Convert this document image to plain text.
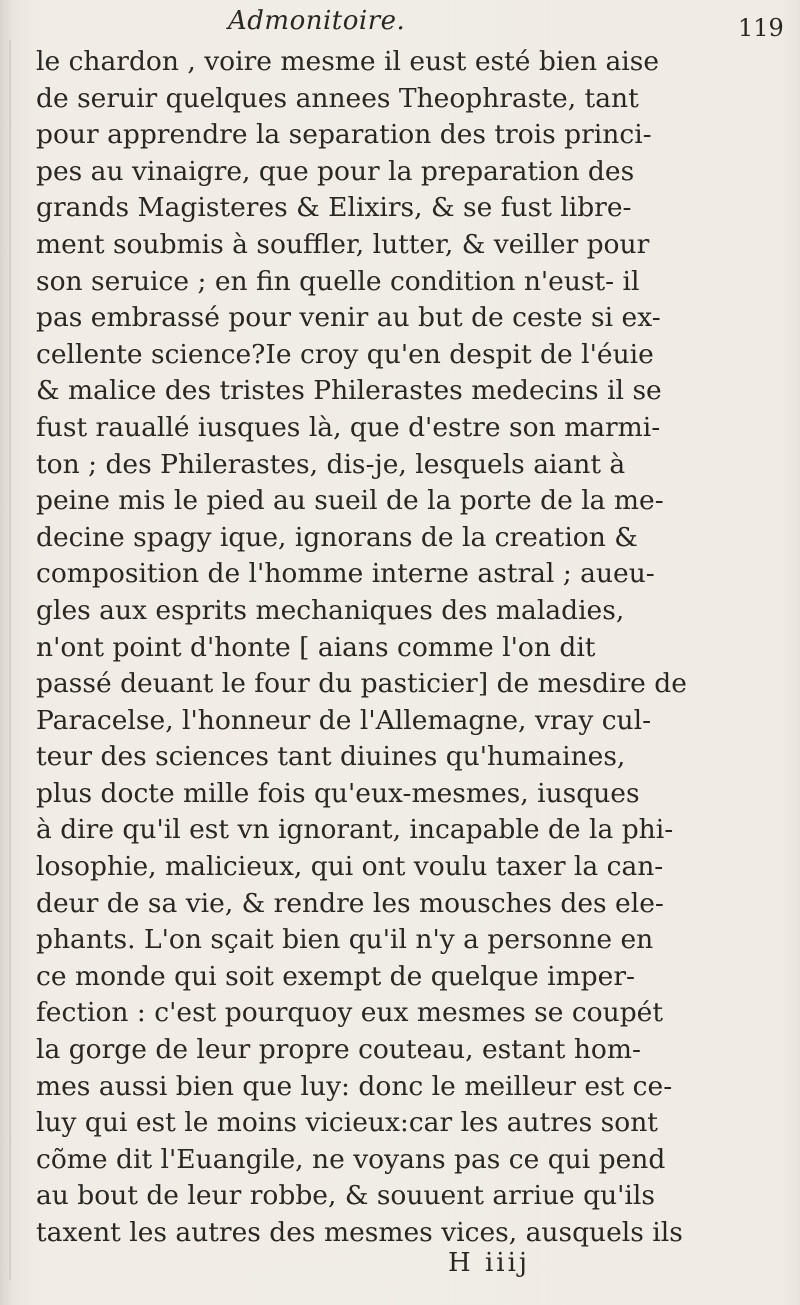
Admonitoire.	119
le chardon , voire mesme il eust esté bien aise
de seruir quelques annees Theophraste, tant
pour apprendre la separation des trois princi-
pes au vinaigre, que pour la preparation des
grands Magisteres & Elixirs, & se fust libre-
ment soubmis à souffler, lutter, & veiller pour
son seruice ; en fin quelle condition n'eust- il
pas embrassé pour venir au but de ceste si ex-
cellente science?Ie croy qu'en despit de l'éuie
& malice des tristes Philerastes medecins il se
fust rauallé iusques là, que d'estre son marmi-
ton ; des Philerastes, dis-je, lesquels aiant à
peine mis le pied au sueil de la porte de la me-
decine spagy ique, ignorans de la creation &
composition de l'homme interne astral ; aueu-
gles aux esprits mechaniques des maladies,
n'ont point d'honte [ aians comme l'on dit
passé deuant le four du pasticier] de mesdire de
Paracelse, l'honneur de l'Allemagne, vray cul-
teur des sciences tant diuines qu'humaines,
plus docte mille fois qu'eux-mesmes, iusques
à dire qu'il est vn ignorant, incapable de la phi-
losophie, malicieux, qui ont voulu taxer la can-
deur de sa vie, & rendre les mousches des ele-
phants. L'on sçait bien qu'il n'y a personne en
ce monde qui soit exempt de quelque imper-
fection : c'est pourquoy eux mesmes se coupét
la gorge de leur propre couteau, estant hom-
mes aussi bien que luy: donc le meilleur est ce-
luy qui est le moins vicieux:car les autres sont
cõme dit l'Euangile, ne voyans pas ce qui pend
au bout de leur robbe, & souuent arriue qu'ils
taxent les autres des mesmes vices, ausquels ils
H iiij
